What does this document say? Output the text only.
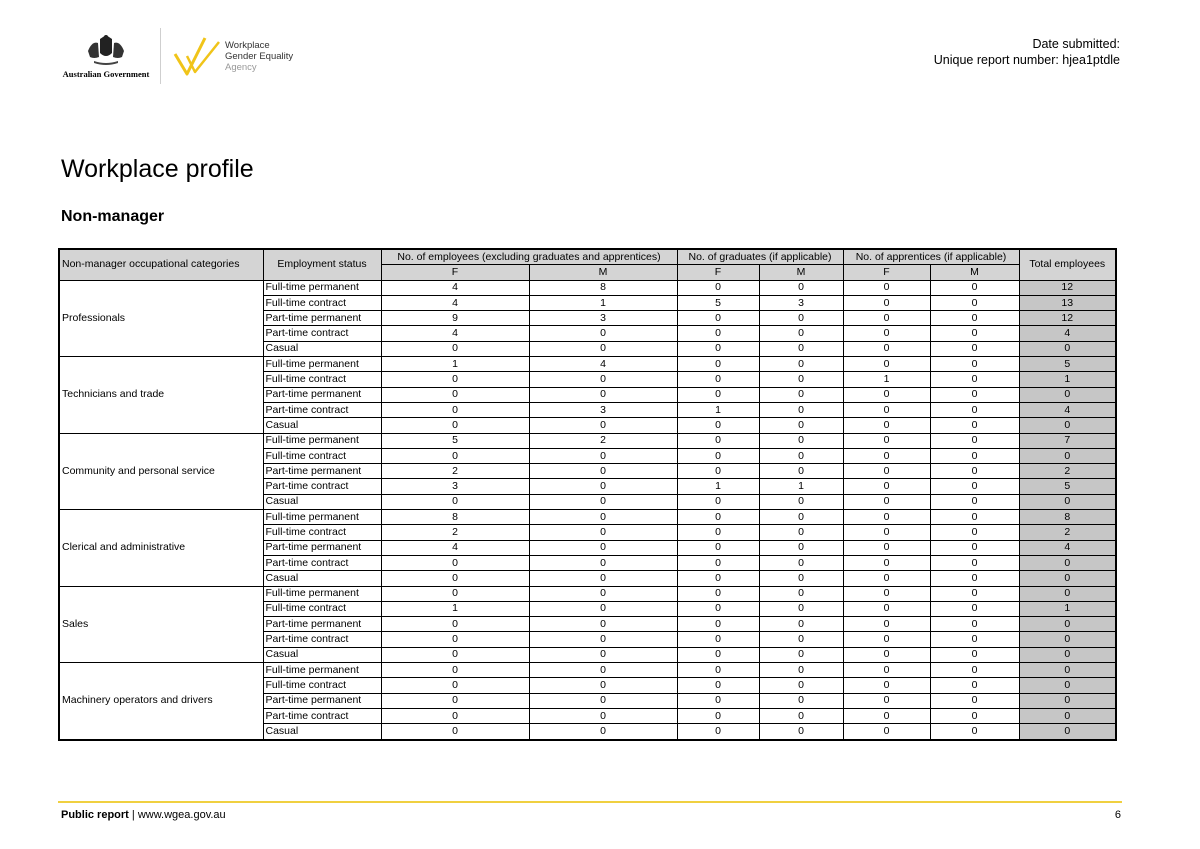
Australian Government
Workplace
Gender Equality
Agency
Date submitted:
Unique report number: hjea1ptdle
Workplace profile
Non-manager
Non-manager occupational categories	Employment status	No. of employees (excluding graduates and apprentices)		No. of graduates (if applicable)		No. of apprentices (if applicable)		Total employees
		F	M	F	M	F	M	
Professionals	Full-time permanent	4	8	0	0	0	0	12
	Full-time contract	4	1	5	3	0	0	13
	Part-time permanent	9	3	0	0	0	0	12
	Part-time contract	4	0	0	0	0	0	4
	Casual	0	0	0	0	0	0	0
Technicians and trade	Full-time permanent	1	4	0	0	0	0	5
	Full-time contract	0	0	0	0	1	0	1
	Part-time permanent	0	0	0	0	0	0	0
	Part-time contract	0	3	1	0	0	0	4
	Casual	0	0	0	0	0	0	0
Community and personal service	Full-time permanent	5	2	0	0	0	0	7
	Full-time contract	0	0	0	0	0	0	0
	Part-time permanent	2	0	0	0	0	0	2
	Part-time contract	3	0	1	1	0	0	5
	Casual	0	0	0	0	0	0	0
Clerical and administrative	Full-time permanent	8	0	0	0	0	0	8
	Full-time contract	2	0	0	0	0	0	2
	Part-time permanent	4	0	0	0	0	0	4
	Part-time contract	0	0	0	0	0	0	0
	Casual	0	0	0	0	0	0	0
Sales	Full-time permanent	0	0	0	0	0	0	0
	Full-time contract	1	0	0	0	0	0	1
	Part-time permanent	0	0	0	0	0	0	0
	Part-time contract	0	0	0	0	0	0	0
	Casual	0	0	0	0	0	0	0
Machinery operators and drivers	Full-time permanent	0	0	0	0	0	0	0
	Full-time contract	0	0	0	0	0	0	0
	Part-time permanent	0	0	0	0	0	0	0
	Part-time contract	0	0	0	0	0	0	0
	Casual	0	0	0	0	0	0	0
Public report | www.wgea.gov.au	6
